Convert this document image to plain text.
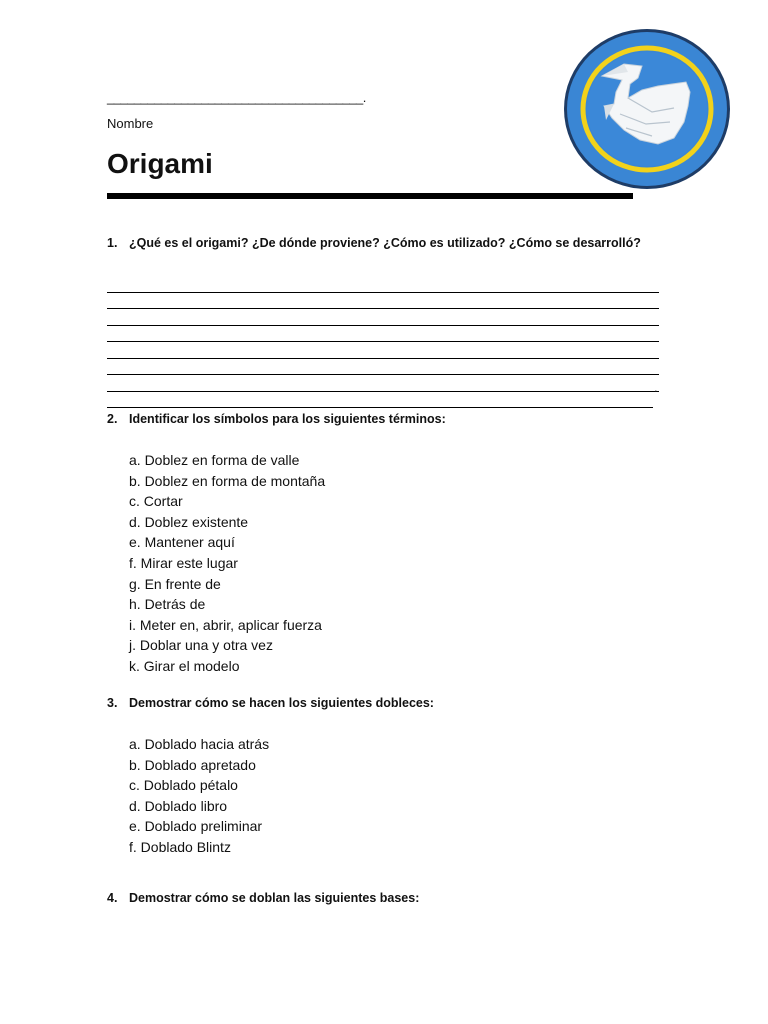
______________________________________.
Nombre
Origami
1. ¿Qué es el origami? ¿De dónde proviene? ¿Cómo es utilizado? ¿Cómo se desarrolló?
.
2. Identificar los símbolos para los siguientes términos:
a. Doblez en forma de valle
b. Doblez en forma de montaña
c. Cortar
d. Doblez existente
e. Mantener aquí
f. Mirar este lugar
g. En frente de
h. Detrás de
i. Meter en, abrir, aplicar fuerza
j. Doblar una y otra vez
k. Girar el modelo
3. Demostrar cómo se hacen los siguientes dobleces:
a. Doblado hacia atrás
b. Doblado apretado
c. Doblado pétalo
d. Doblado libro
e. Doblado preliminar
f. Doblado Blintz
4. Demostrar cómo se doblan las siguientes bases:
